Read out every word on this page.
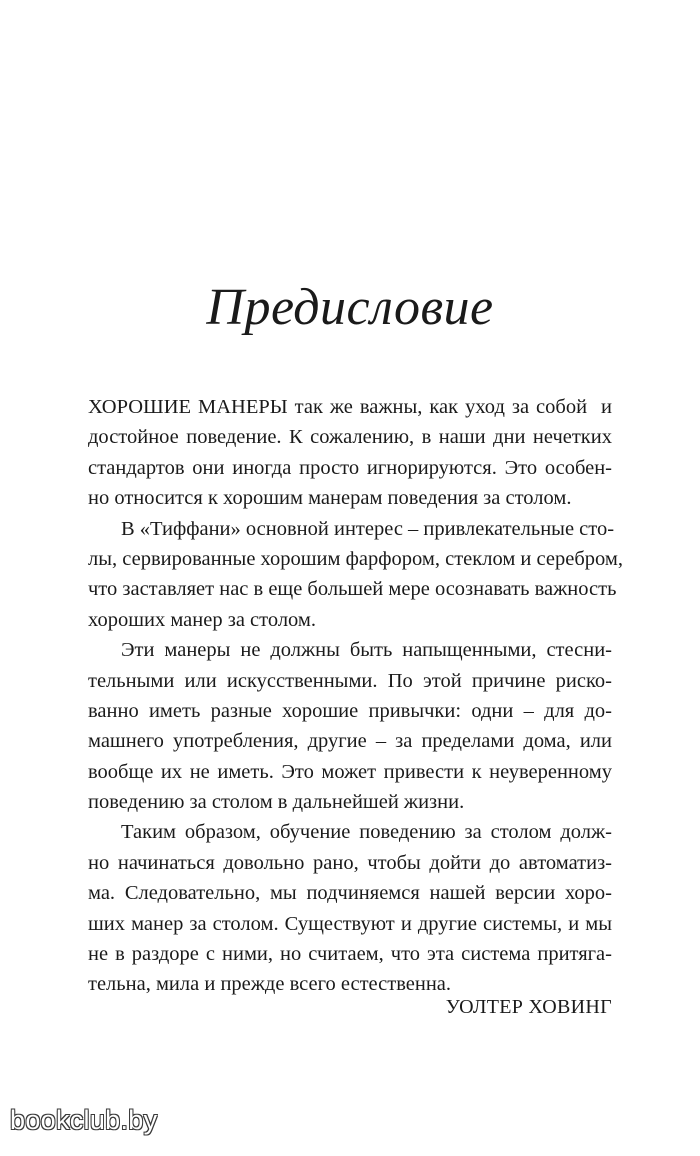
Предисловие
ХОРОШИЕ МАНЕРЫ так же важны, как уход за собой  и
достойное поведение. К сожалению, в наши дни нечетких
стандартов они иногда просто игнорируются. Это особен-
но относится к хорошим манерам поведения за столом.
В «Тиффани» основной интерес – привлекательные сто-
лы, сервированные хорошим фарфором, стеклом и серебром,
что заставляет нас в еще большей мере осознавать важность
хороших манер за столом.
Эти манеры не должны быть напыщенными, стесни-
тельными или искусственными. По этой причине риско-
ванно иметь разные хорошие привычки: одни – для до-
машнего употребления, другие – за пределами дома, или
вообще их не иметь. Это может привести к неуверенному
поведению за столом в дальнейшей жизни.
Таким образом, обучение поведению за столом долж-
но начинаться довольно рано, чтобы дойти до автоматиз-
ма. Следовательно, мы подчиняемся нашей версии хоро-
ших манер за столом. Существуют и другие системы, и мы
не в раздоре с ними, но считаем, что эта система притяга-
тельна, мила и прежде всего естественна.
УОЛТЕР ХОВИНГ
bookclub.by
